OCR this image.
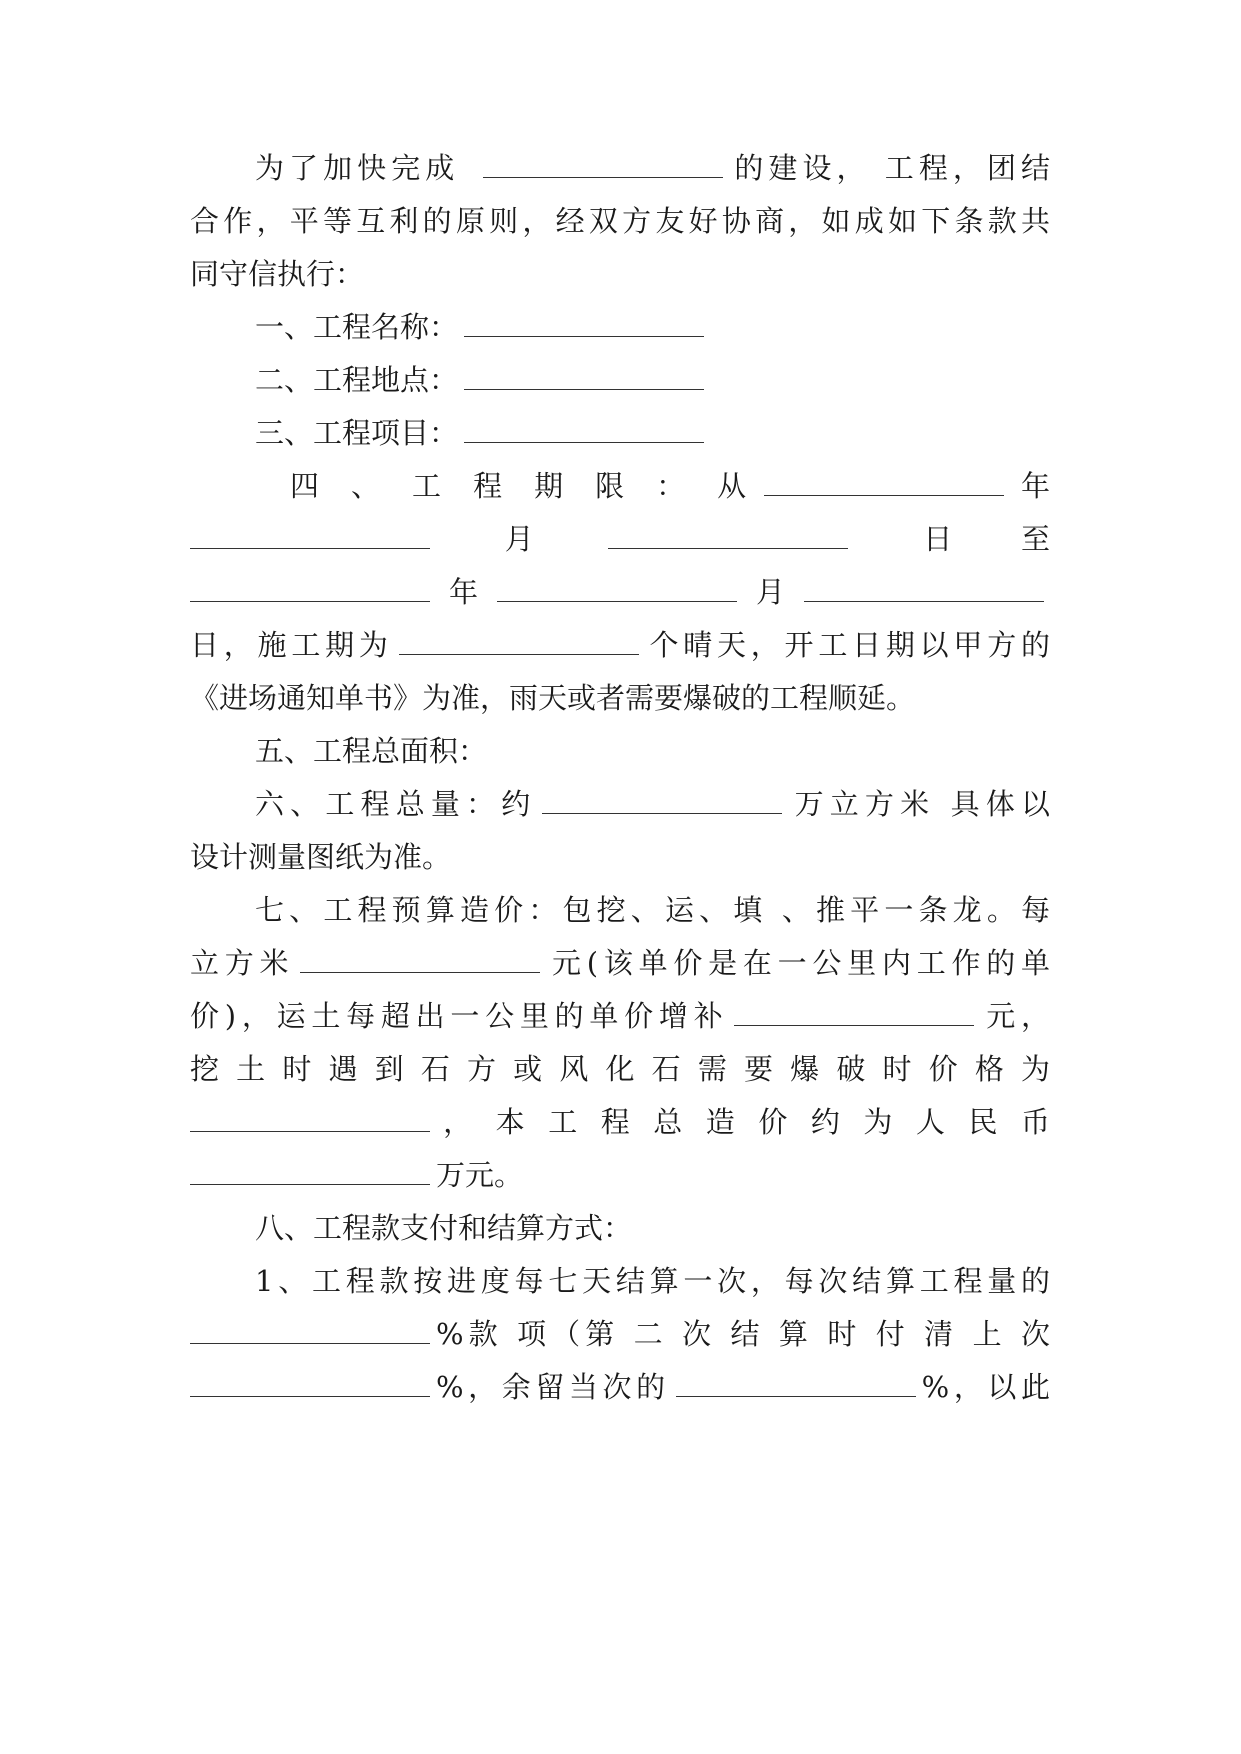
为了加快完成	的建设， 工程，团结
合作，平等互利的原则，经双方友好协商，如成如下条款共
同守信执行：
一、工程名称：
二、工程地点：
三、工程项目：
四 、 工 程 期 限 ： 从	年
月	日至
年	月
日，施工期为	个晴天，开工日期以甲方的
《进场通知单书》为准，雨天或者需要爆破的工程顺延。
五、工程总面积：
六、工程总量：约	万立方米 具体以
设计测量图纸为准。
七、工程预算造价：包挖、运、填 、推平一条龙。每
立方米	元(该单价是在一公里内工作的单
价)，运土每超出一公里的单价增补	元，
挖 土 时 遇 到 石 方 或 风 化 石 需 要 爆 破 时 价 格 为
， 本 工 程 总 造 价 约 为 人 民 币
万元。
八、工程款支付和结算方式：
1、工程款按进度每七天结算一次，每次结算工程量的
%款 项（第 二 次 结 算 时 付 清 上 次
%，余留当次的	%，以此
